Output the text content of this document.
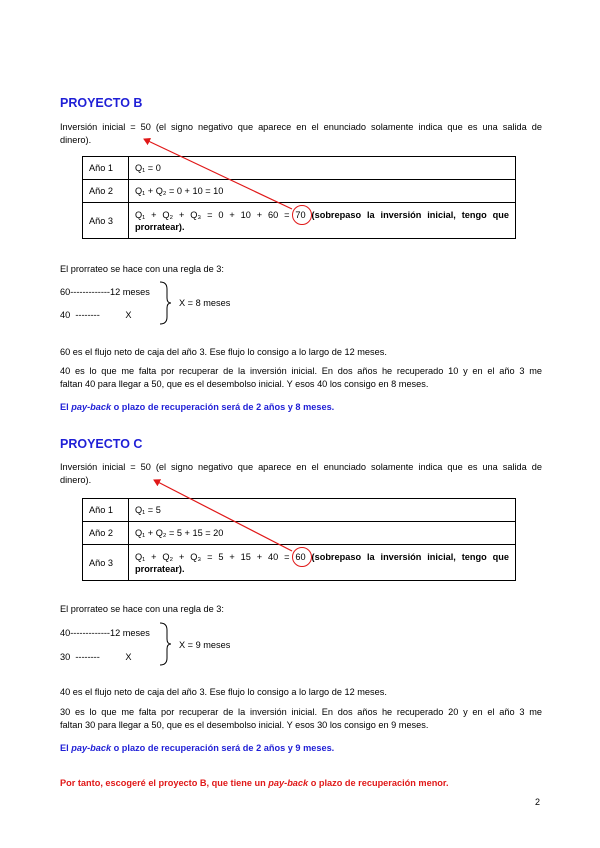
PROYECTO B
Inversión inicial = 50 (el signo negativo que aparece en el enunciado solamente indica que es una salida de
dinero).
Año 1	Q₁ = 0
Año 2	Q₁ + Q₂ = 0 + 10 = 10
Año 3	Q₁ + Q₂ + Q₃ = 0 + 10 + 60 = 70 (sobrepaso la inversión inicial, tengo que
prorratear).
El prorrateo se hace con una regla de 3:
60-------------12 meses
40  --------          X
X = 8 meses
60 es el flujo neto de caja del año 3. Ese flujo lo consigo a lo largo de 12 meses.
40 es lo que me falta por recuperar de la inversión inicial. En dos años he recuperado 10 y en el año 3 me
faltan 40 para llegar a 50, que es el desembolso inicial. Y esos 40 los consigo en 8 meses.
El pay-back o plazo de recuperación será de 2 años y 8 meses.
PROYECTO C
Inversión inicial = 50 (el signo negativo que aparece en el enunciado solamente indica que es una salida de
dinero).
Año 1	Q₁ = 5
Año 2	Q₁ + Q₂ = 5 + 15 = 20
Año 3	Q₁ + Q₂ + Q₃ = 5 + 15 + 40 = 60 (sobrepaso la inversión inicial, tengo que
prorratear).
El prorrateo se hace con una regla de 3:
40-------------12 meses
30  --------          X
X = 9 meses
40 es el flujo neto de caja del año 3. Ese flujo lo consigo a lo largo de 12 meses.
30 es lo que me falta por recuperar de la inversión inicial. En dos años he recuperado 20 y en el año 3 me
faltan 30 para llegar a 50, que es el desembolso inicial. Y esos 30 los consigo en 9 meses.
El pay-back o plazo de recuperación será de 2 años y 9 meses.
Por tanto, escogeré el proyecto B, que tiene un pay-back o plazo de recuperación menor.
2
